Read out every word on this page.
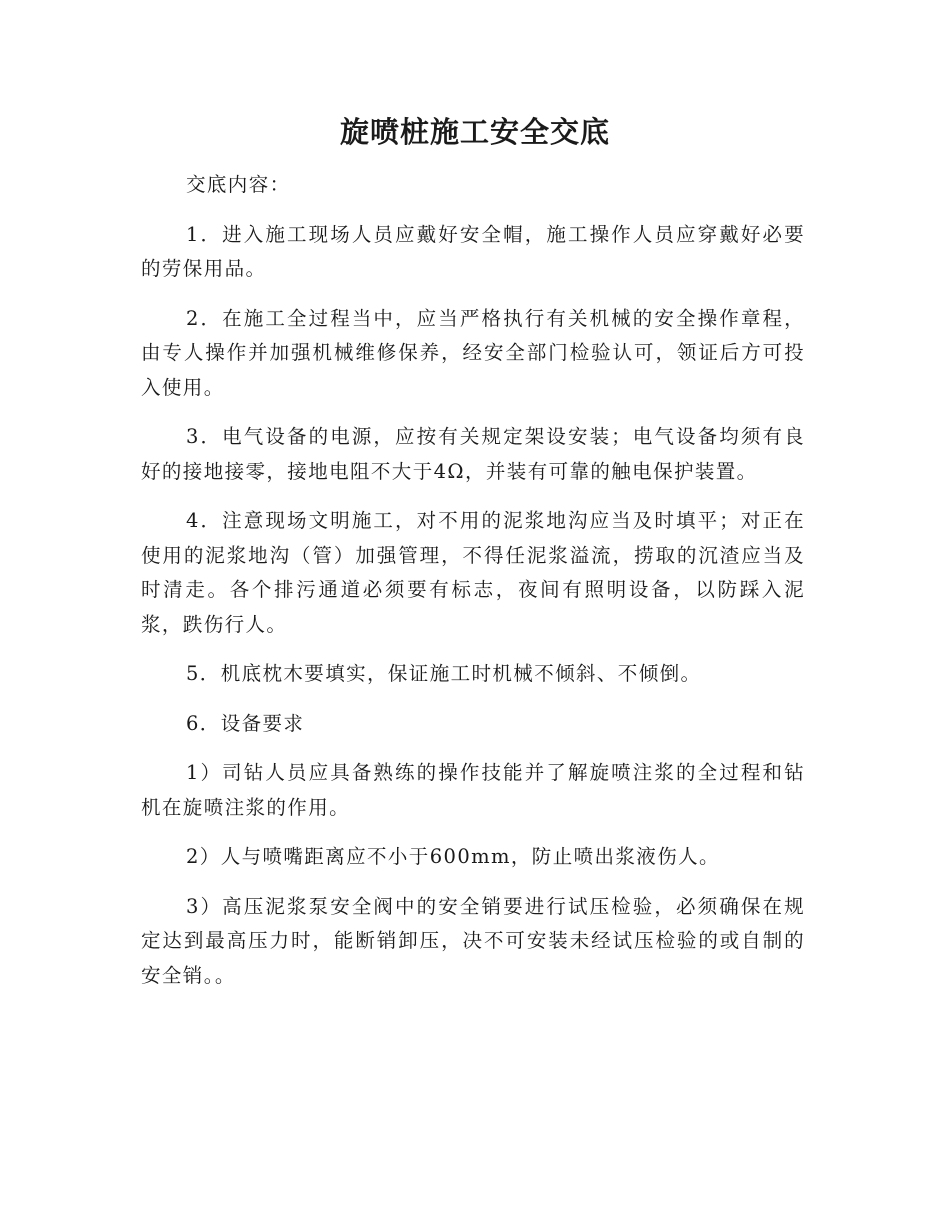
旋喷桩施工安全交底

交底内容：

1．进入施工现场人员应戴好安全帽，施工操作人员应穿戴好必要的劳保用品。

2．在施工全过程当中，应当严格执行有关机械的安全操作章程，由专人操作并加强机械维修保养，经安全部门检验认可，领证后方可投入使用。

3．电气设备的电源，应按有关规定架设安装；电气设备均须有良好的接地接零，接地电阻不大于4Ω，并装有可靠的触电保护装置。

4．注意现场文明施工，对不用的泥浆地沟应当及时填平；对正在使用的泥浆地沟（管）加强管理，不得任泥浆溢流，捞取的沉渣应当及时清走。各个排污通道必须要有标志，夜间有照明设备，以防踩入泥浆，跌伤行人。

5．机底枕木要填实，保证施工时机械不倾斜、不倾倒。

6．设备要求

1）司钻人员应具备熟练的操作技能并了解旋喷注浆的全过程和钻机在旋喷注浆的作用。

2）人与喷嘴距离应不小于600mm，防止喷出浆液伤人。

3）高压泥浆泵安全阀中的安全销要进行试压检验，必须确保在规定达到最高压力时，能断销卸压，决不可安装未经试压检验的或自制的安全销。。
